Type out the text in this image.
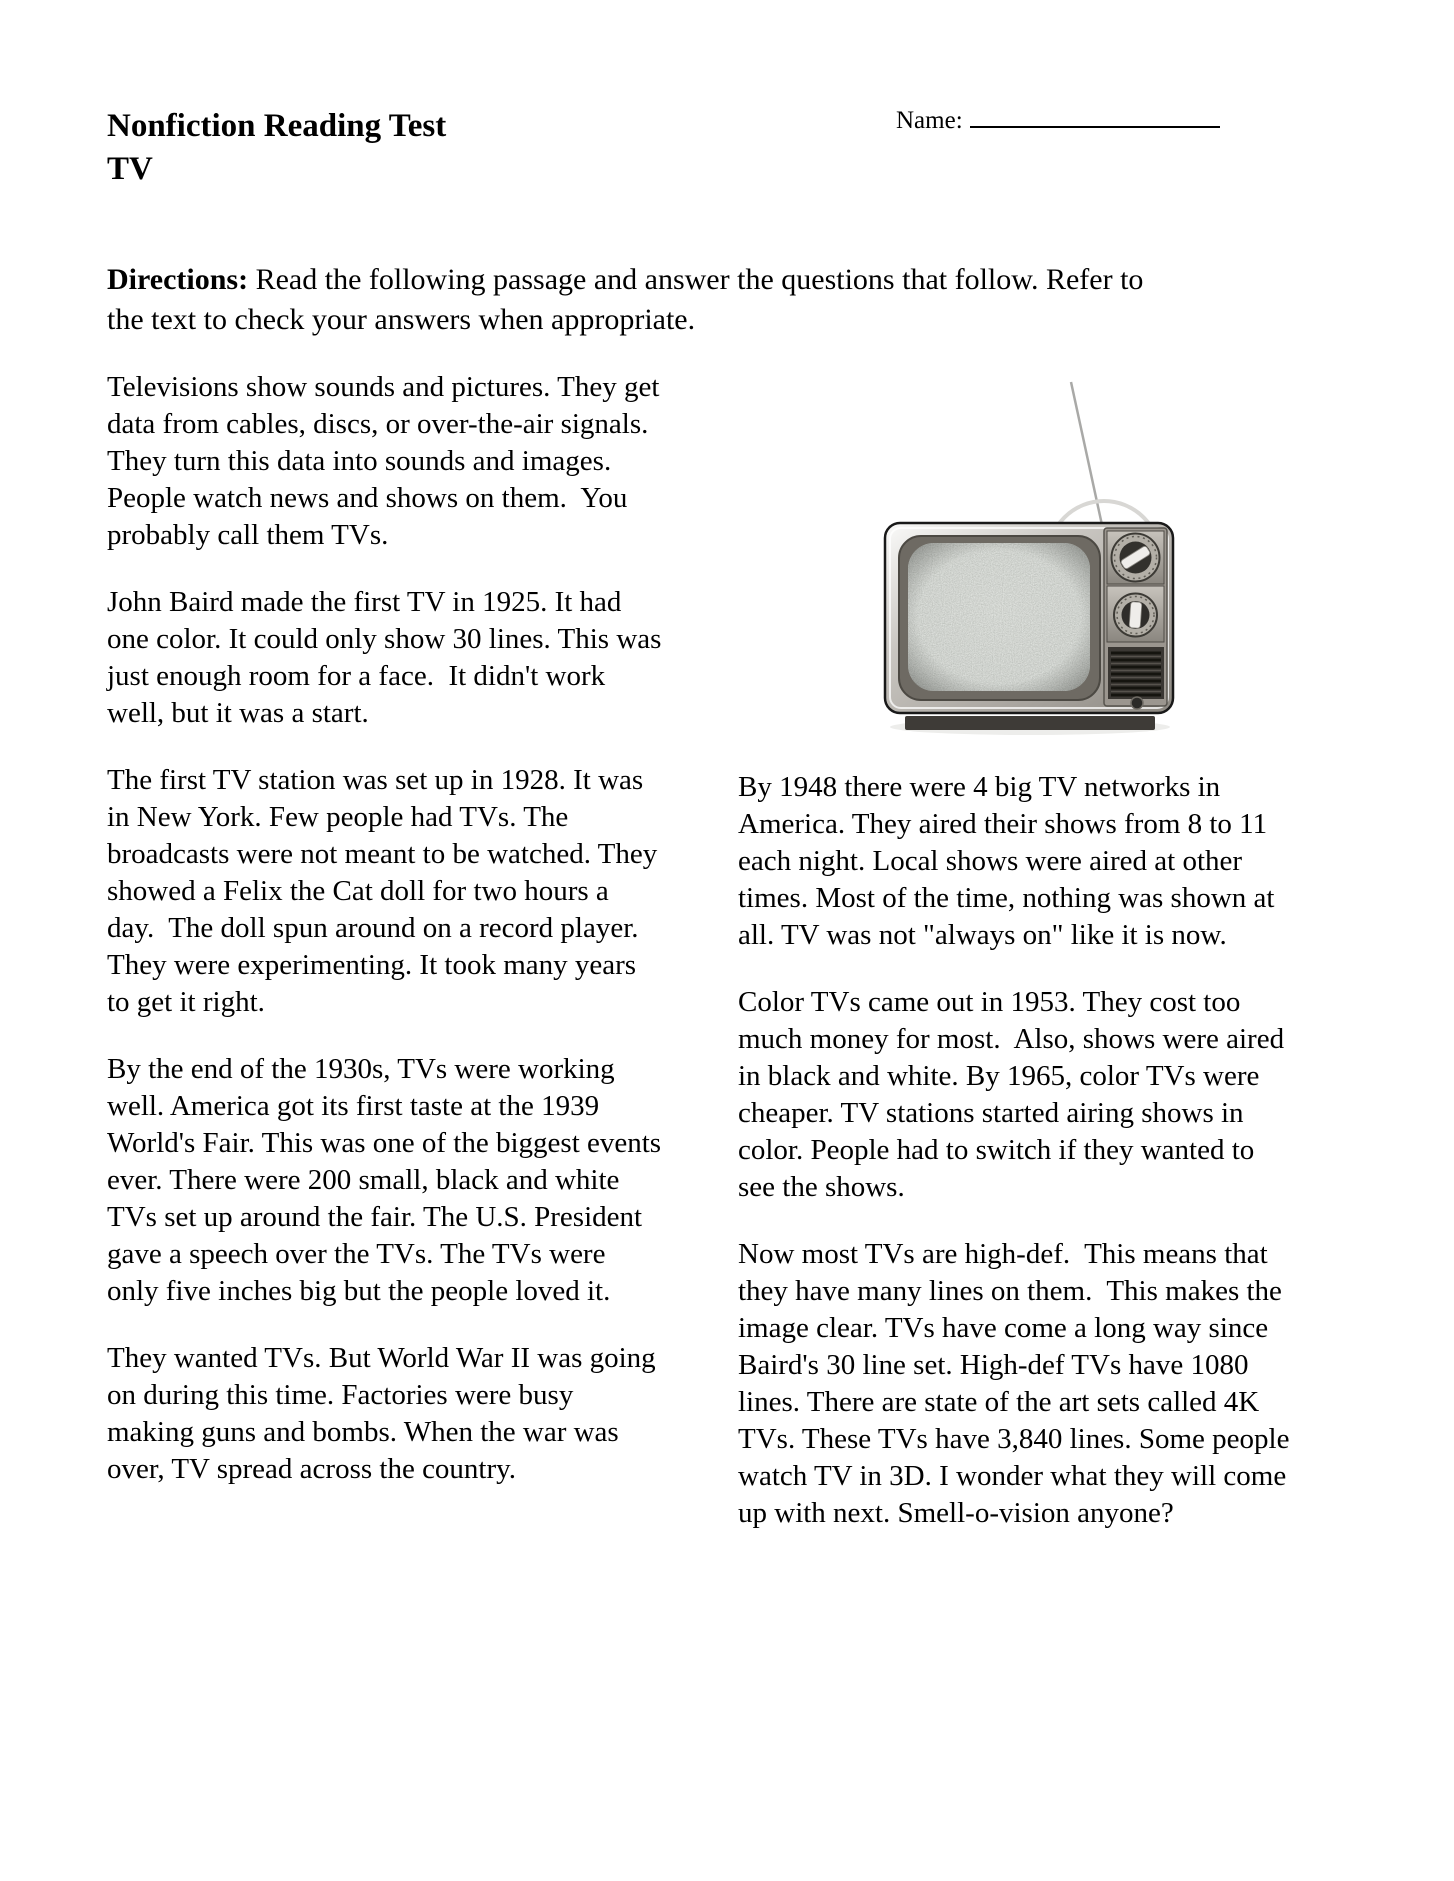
Name:
Nonfiction Reading Test
TV
Directions: Read the following passage and answer the questions that follow. Refer to
the text to check your answers when appropriate.

Televisions show sounds and pictures. They get data from cables, discs, or over-the-air signals. They turn this data into sounds and images. People watch news and shows on them.  You probably call them TVs.

John Baird made the first TV in 1925. It had one color. It could only show 30 lines. This was just enough room for a face.  It didn't work well, but it was a start.

The first TV station was set up in 1928. It was in New York. Few people had TVs. The broadcasts were not meant to be watched. They showed a Felix the Cat doll for two hours a day.  The doll spun around on a record player. They were experimenting. It took many years to get it right.

By the end of the 1930s, TVs were working well. America got its first taste at the 1939 World's Fair. This was one of the biggest events ever. There were 200 small, black and white TVs set up around the fair. The U.S. President gave a speech over the TVs. The TVs were only five inches big but the people loved it.

They wanted TVs. But World War II was going on during this time. Factories were busy making guns and bombs. When the war was over, TV spread across the country.

By 1948 there were 4 big TV networks in America. They aired their shows from 8 to 11 each night. Local shows were aired at other times. Most of the time, nothing was shown at all. TV was not "always on" like it is now.

Color TVs came out in 1953. They cost too much money for most.  Also, shows were aired in black and white. By 1965, color TVs were cheaper. TV stations started airing shows in color. People had to switch if they wanted to see the shows.

Now most TVs are high-def.  This means that they have many lines on them.  This makes the image clear. TVs have come a long way since Baird's 30 line set. High-def TVs have 1080 lines. There are state of the art sets called 4K TVs. These TVs have 3,840 lines. Some people watch TV in 3D. I wonder what they will come up with next. Smell-o-vision anyone?
